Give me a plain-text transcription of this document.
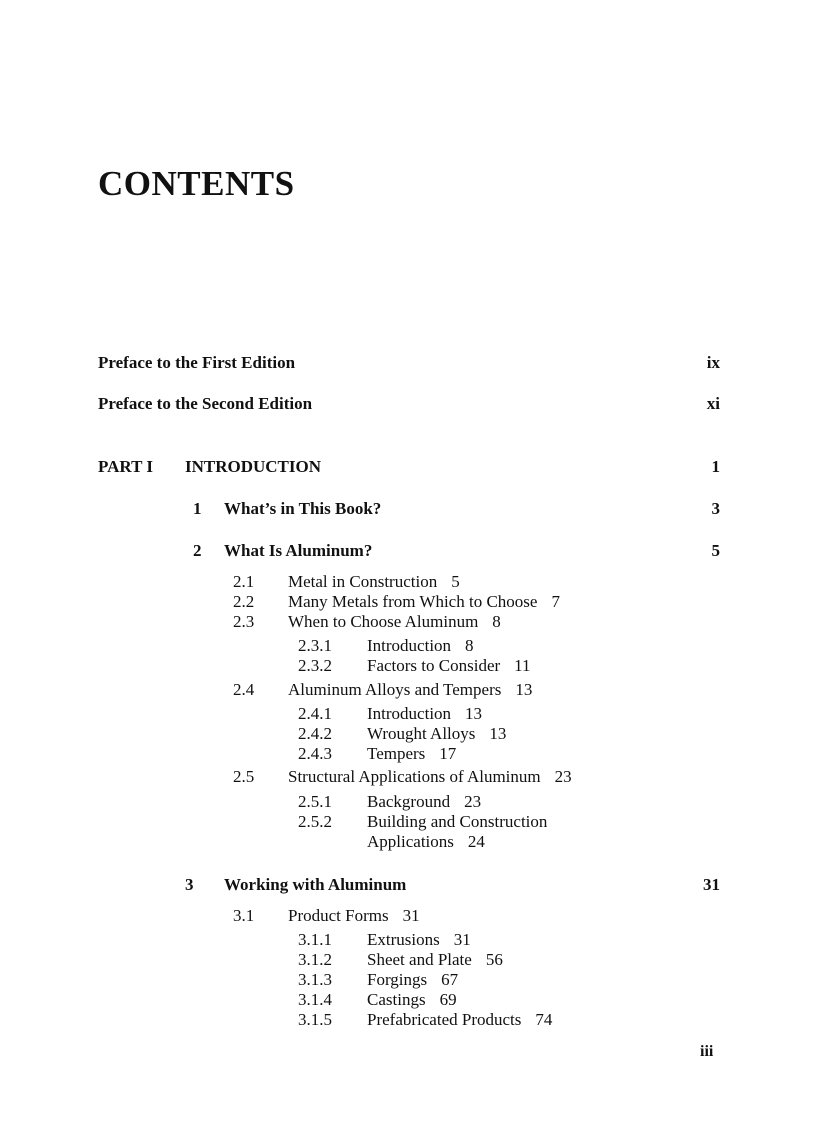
CONTENTS
Preface to the First Edition	ix
Preface to the Second Edition	xi
PART I INTRODUCTION	1
1 What’s in This Book?	3
2 What Is Aluminum?	5
2.1 Metal in Construction 5
2.2 Many Metals from Which to Choose 7
2.3 When to Choose Aluminum 8
2.3.1 Introduction 8
2.3.2 Factors to Consider 11
2.4 Aluminum Alloys and Tempers 13
2.4.1 Introduction 13
2.4.2 Wrought Alloys 13
2.4.3 Tempers 17
2.5 Structural Applications of Aluminum 23
2.5.1 Background 23
2.5.2 Building and Construction
Applications 24
3 Working with Aluminum	31
3.1 Product Forms 31
3.1.1 Extrusions 31
3.1.2 Sheet and Plate 56
3.1.3 Forgings 67
3.1.4 Castings 69
3.1.5 Prefabricated Products 74
iii
